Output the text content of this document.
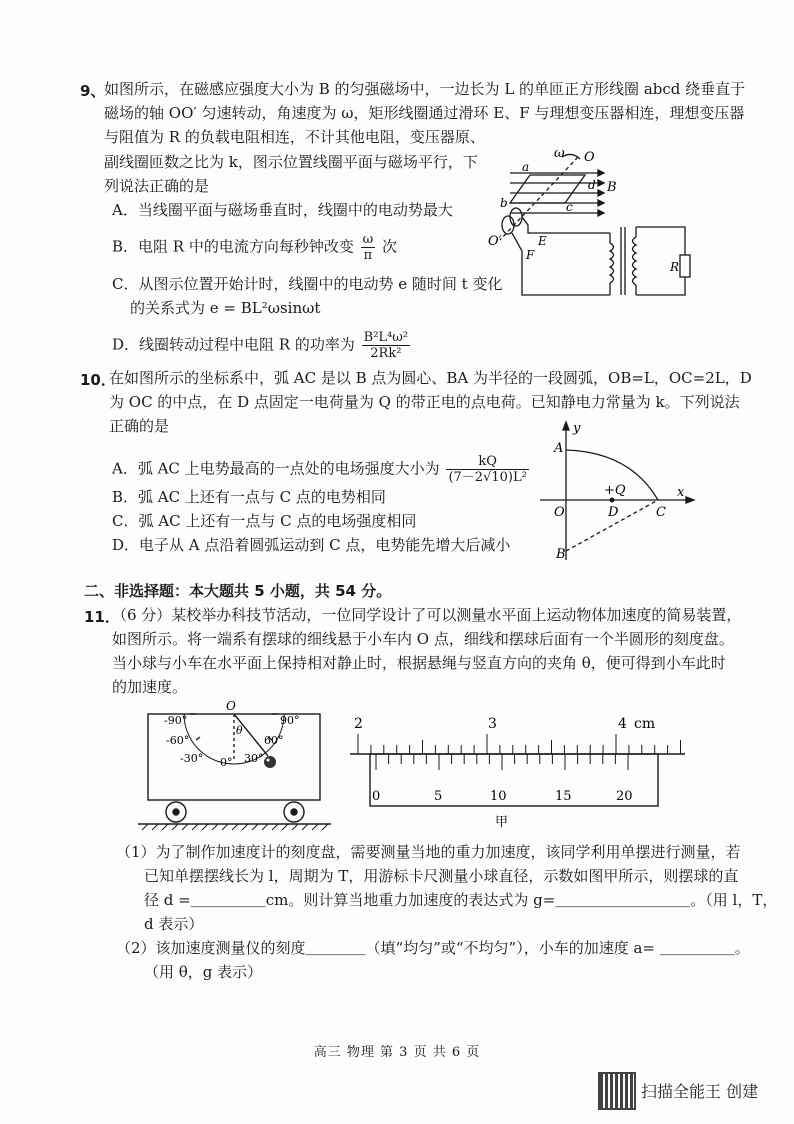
9、
如图所示，在磁感应强度大小为 B 的匀强磁场中，一边长为 L 的单匝正方形线圈 abcd 绕垂直于
磁场的轴 OO′ 匀速转动，角速度为 ω，矩形线圈通过滑环 E、F 与理想变压器相连，理想变压器
与阻值为 R 的负载电阻相连，不计其他电阻，变压器原、
副线圈匝数之比为 k，图示位置线圈平面与磁场平行，下
列说法正确的是
A．当线圈平面与磁场垂直时，线圈中的电动势最大
B．电阻 R 中的电流方向每秒钟改变 $\frac{\omega}{\pi}$ 次
C．从图示位置开始计时，线圈中的电动势 e 随时间 t 变化
的关系式为 e = BL²ωsinωt
D．线圈转动过程中电阻 R 的功率为 $\frac{\text{B²L⁴ω²}}{\text{2Rk²}}$
ω O
O′
a
b	c
d B
E
F
R
10．
在如图所示的坐标系中，弧 AC 是以 B 点为圆心、BA 为半径的一段圆弧，OB=L，OC=2L，D
为 OC 的中点，在 D 点固定一电荷量为 Q 的带正电的点电荷。已知静电力常量为 k。下列说法
正确的是
A．弧 AC 上电势最高的一点处的电场强度大小为 $\frac{kQ}{\text{(7－2√10)L²}}$
B．弧 AC 上还有一点与 C 点的电势相同
C．弧 AC 上还有一点与 C 点的电场强度相同
D．电子从 A 点沿着圆弧运动到 C 点，电势能先增大后减小
y
x
A
O
+Q
D	C
B
二、非选择题：本大题共 5 小题，共 54 分。
11．
（6 分）某校举办科技节活动，一位同学设计了可以测量水平面上运动物体加速度的简易装置，
如图所示。将一端系有摆球的细线悬于小车内 O 点，细线和摆球后面有一个半圆形的刻度盘。
当小球与小车在水平面上保持相对静止时，根据悬绳与竖直方向的夹角 θ，便可得到小车此时
的加速度。
O
θ
-90°
-60°
-30° 0° 30°
60°
90°	2	3	4 cm
0	5	10	15	20
甲
（1）为了制作加速度计的刻度盘，需要测量当地的重力加速度，该同学利用单摆进行测量，若
已知单摆摆线长为 l，周期为 T，用游标卡尺测量小球直径，示数如图甲所示，则摆球的直
径 d =＿＿＿＿＿cm。则计算当地重力加速度的表达式为 g=＿＿＿＿＿＿＿＿＿。（用 l，T，
d 表示）
（2）该加速度测量仪的刻度＿＿＿＿（填“均匀”或“不均匀”），小车的加速度 a= ＿＿＿＿＿。
（用 θ，g 表示）
高三 物理 第 3 页 共 6 页
扫描全能王 创建
